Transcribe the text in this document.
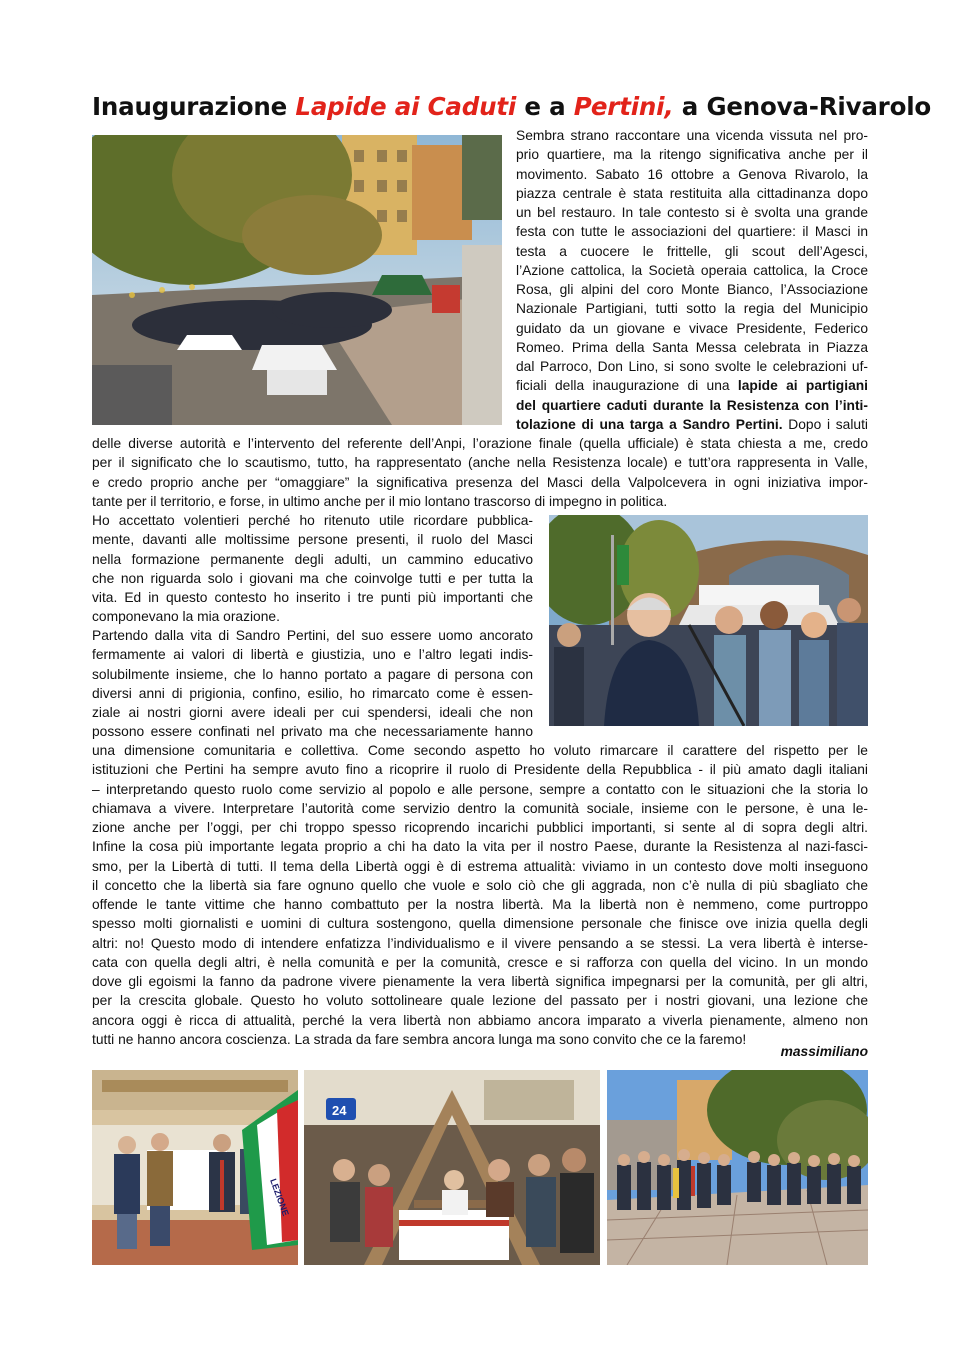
Inaugurazione Lapide ai Caduti e a Pertini, a Genova-Rivarolo
Sembra strano raccontare una vicenda vissuta nel pro-
prio quartiere, ma la ritengo significativa anche per il
movimento. Sabato 16 ottobre a Genova Rivarolo, la
piazza centrale è stata restituita alla cittadinanza dopo
un bel restauro. In tale contesto si è svolta una grande
festa con tutte le associazioni del quartiere: il Masci in
testa a cuocere le frittelle, gli scout dell’Agesci,
l’Azione cattolica, la Società operaia cattolica, la Croce
Rosa, gli alpini del coro Monte Bianco, l’Associazione
Nazionale Partigiani, tutti sotto la regia del Municipio
guidato da un giovane e vivace Presidente, Federico
Romeo. Prima della Santa Messa celebrata in Piazza
dal Parroco, Don Lino, si sono svolte le celebrazioni uf-
ficiali della inaugurazione di una lapide ai partigiani
del quartiere caduti durante la Resistenza con l’inti-
tolazione di una targa a Sandro Pertini. Dopo i saluti
delle diverse autorità e l’intervento del referente dell’Anpi, l’orazione finale (quella ufficiale) è stata chiesta a me, credo
per il significato che lo scautismo, tutto, ha rappresentato (anche nella Resistenza locale) e tutt’ora rappresenta in Valle,
e credo proprio anche per “omaggiare” la significativa presenza del Masci della Valpolcevera in ogni iniziativa impor-
tante per il territorio, e forse, in ultimo anche per il mio lontano trascorso di impegno in politica.
Ho accettato volentieri perché ho ritenuto utile ricordare pubblica-
mente, davanti alle moltissime persone presenti, il ruolo del Masci
nella formazione permanente degli adulti, un cammino educativo
che non riguarda solo i giovani ma che coinvolge tutti e per tutta la
vita. Ed in questo contesto ho inserito i tre punti più importanti che
componevano la mia orazione.
Partendo dalla vita di Sandro Pertini, del suo essere uomo ancorato
fermamente ai valori di libertà e giustizia, uno e l’altro legati indis-
solubilmente insieme, che lo hanno portato a pagare di persona con
diversi anni di prigionia, confino, esilio, ho rimarcato come è essen-
ziale ai nostri giorni avere ideali per cui spendersi, ideali che non
possono essere confinati nel privato ma che necessariamente hanno
una dimensione comunitaria e collettiva. Come secondo aspetto ho voluto rimarcare il carattere del rispetto per le
istituzioni che Pertini ha sempre avuto fino a ricoprire il ruolo di Presidente della Repubblica - il più amato dagli italiani
– interpretando questo ruolo come servizio al popolo e alle persone, sempre a contatto con le situazioni che la storia lo
chiamava a vivere. Interpretare l’autorità come servizio dentro la comunità sociale, insieme con le persone, è una le-
zione anche per l’oggi, per chi troppo spesso ricoprendo incarichi pubblici importanti, si sente al di sopra degli altri.
Infine la cosa più importante legata proprio a chi ha dato la vita per il nostro Paese, durante la Resistenza al nazi-fasci-
smo, per la Libertà di tutti. Il tema della Libertà oggi è di estrema attualità: viviamo in un contesto dove molti inseguono
il concetto che la libertà sia fare ognuno quello che vuole e solo ciò che gli aggrada, non c’è nulla di più sbagliato che
offende le tante vittime che hanno combattuto per la nostra libertà. Ma la libertà non è nemmeno, come purtroppo
spesso molti giornalisti e uomini di cultura sostengono, quella dimensione personale che finisce ove inizia quella degli
altri: no! Questo modo di intendere enfatizza l’individualismo e il vivere pensando a se stessi. La vera libertà è interse-
cata con quella degli altri, è nella comunità e per la comunità, cresce e si rafforza con quella del vicino. In un mondo
dove gli egoismi la fanno da padrone vivere pienamente la vera libertà significa impegnarsi per la comunità, per gli altri,
per la crescita globale. Questo ho voluto sottolineare quale lezione del passato per i nostri giovani, una lezione che
ancora oggi è ricca di attualità, perché la vera libertà non abbiamo ancora imparato a viverla pienamente, almeno non
tutti ne hanno ancora coscienza. La strada da fare sembra ancora lunga ma sono convito che ce la faremo!
massimiliano
LEZIONE
24
